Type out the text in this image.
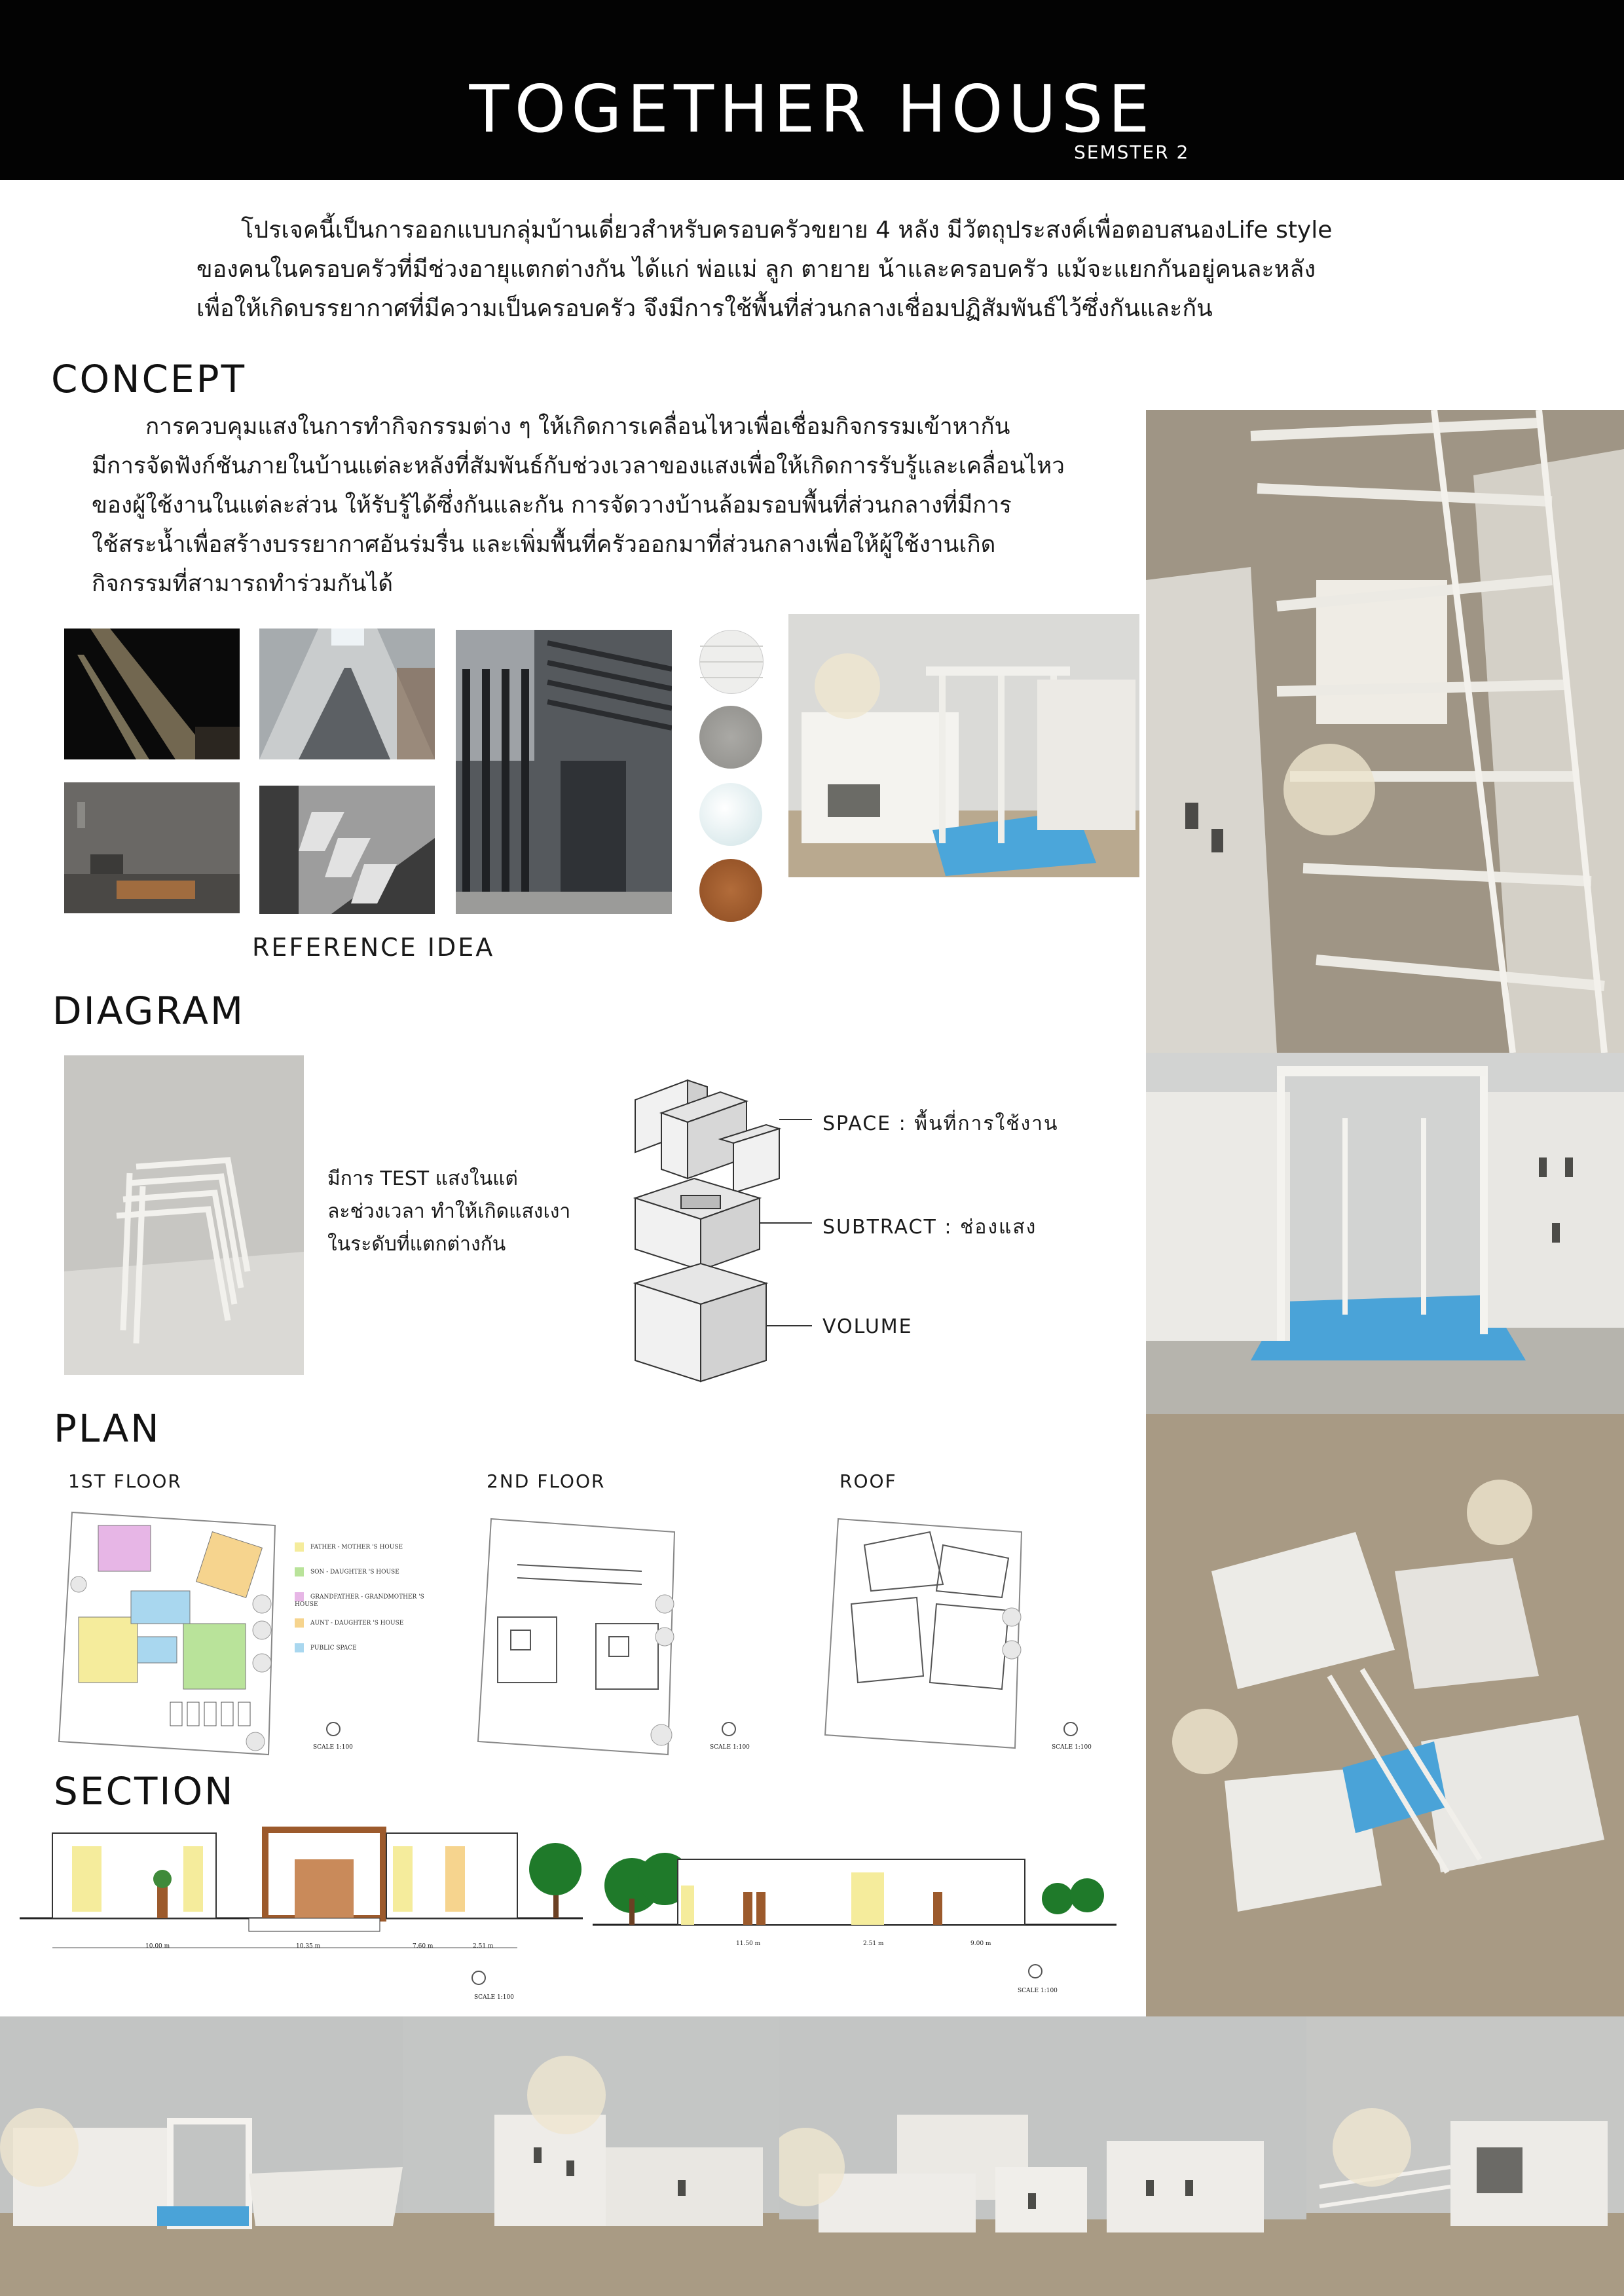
TOGETHER HOUSE
SEMSTER 2

โปรเจคนี้เป็นการออกแบบกลุ่มบ้านเดี่ยวสำหรับครอบครัวขยาย 4 หลัง มีวัตถุประสงค์เพื่อตอบสนองLife style

ของคนในครอบครัวที่มีช่วงอายุแตกต่างกัน ได้แก่ พ่อแม่ ลูก ตายาย น้าและครอบครัว แม้จะแยกกันอยู่คนละหลัง

เพื่อให้เกิดบรรยากาศที่มีความเป็นครอบครัว จึงมีการใช้พื้นที่ส่วนกลางเชื่อมปฏิสัมพันธ์ไว้ซึ่งกันและกัน

CONCEPT

การควบคุมแสงในการทำกิจกรรมต่าง ๆ ให้เกิดการเคลื่อนไหวเพื่อเชื่อมกิจกรรมเข้าหากัน

มีการจัดฟังก์ชันภายในบ้านแต่ละหลังที่สัมพันธ์กับช่วงเวลาของแสงเพื่อให้เกิดการรับรู้และเคลื่อนไหว

ของผู้ใช้งานในแต่ละส่วน ให้รับรู้ได้ซึ่งกันและกัน การจัดวางบ้านล้อมรอบพื้นที่ส่วนกลางที่มีการ

ใช้สระน้ำเพื่อสร้างบรรยากาศอันร่มรื่น และเพิ่มพื้นที่ครัวออกมาที่ส่วนกลางเพื่อให้ผู้ใช้งานเกิด

กิจกรรมที่สามารถทำร่วมกันได้

REFERENCE IDEA
DIAGRAM
มีการ TEST แสงในแต่
ละช่วงเวลา ทำให้เกิดแสงเงา
ในระดับที่แตกต่างกัน
SPACE : พื้นที่การใช้งาน
SUBTRACT : ช่องแสง
VOLUME
PLAN
1ST FLOOR	2ND FLOOR	ROOF
FATHER - MOTHER 'S HOUSE
SON - DAUGHTER 'S HOUSE
GRANDFATHER - GRANDMOTHER 'S HOUSE
AUNT - DAUGHTER 'S HOUSE
PUBLIC SPACE
SCALE 1:100	SCALE 1:100	SCALE 1:100
SECTION
10.00 m	10.35 m	7.60 m	2.51 m	11.50 m	2.51 m	9.00 m
SCALE 1:100
SCALE 1:100
